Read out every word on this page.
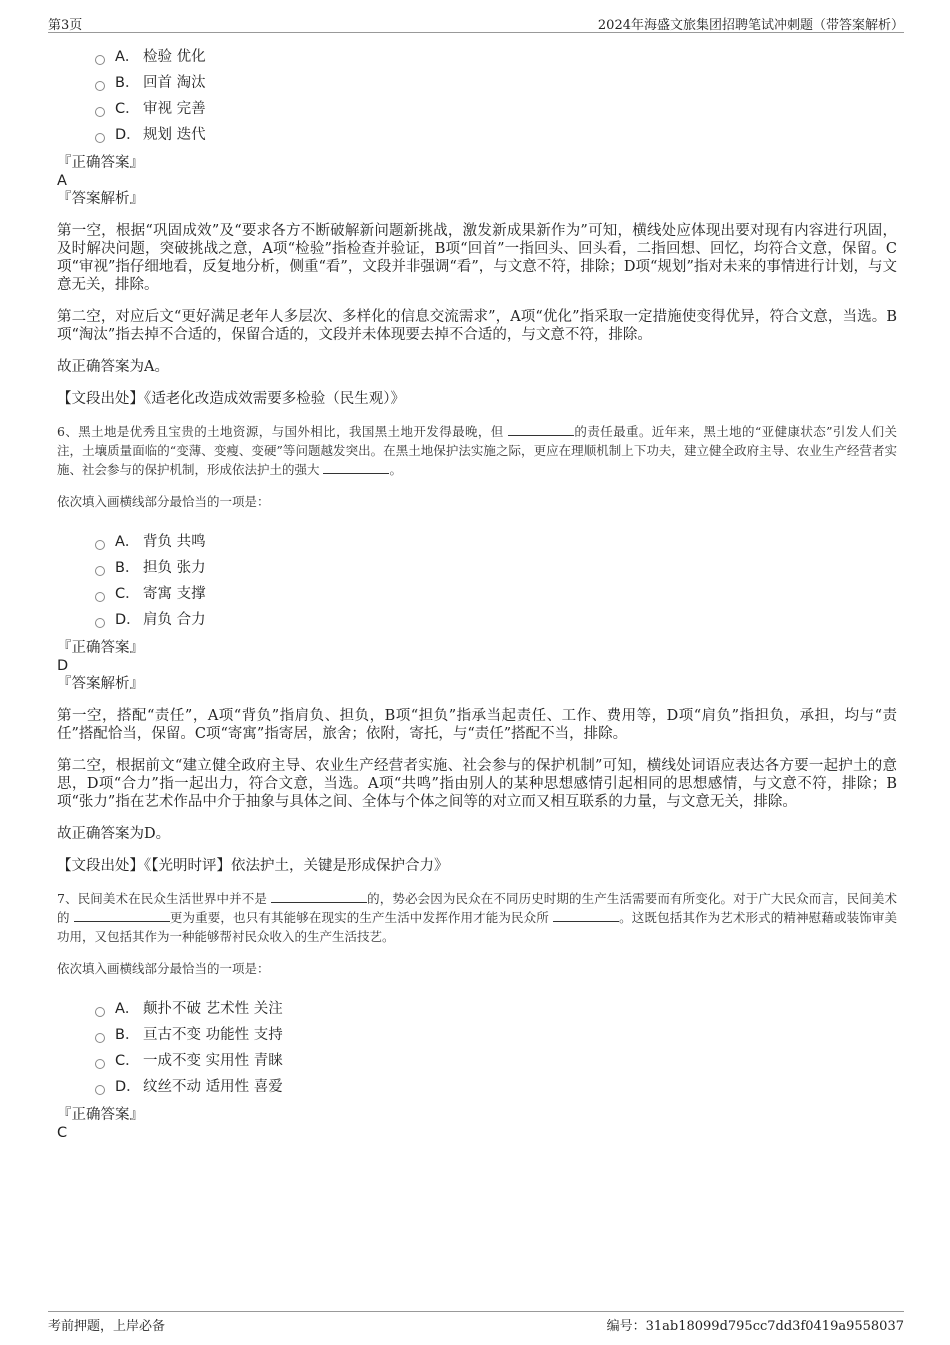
第3页	2024年海盛文旅集团招聘笔试冲刺题（带答案解析）
A． 检验 优化
B． 回首 淘汰
C． 审视 完善
D． 规划 迭代
『正确答案』
A
『答案解析』
第一空，根据“巩固成效”及“要求各方不断破解新问题新挑战，激发新成果新作为”可知，横线处应体现出要对现有内容进行巩固，及时解决问题，突破挑战之意，A项“检验”指检查并验证，B项“回首”一指回头、回头看，二指回想、回忆，均符合文意，保留。C项“审视”指仔细地看，反复地分析，侧重“看”，文段并非强调“看”，与文意不符，排除；D项“规划”指对未来的事情进行计划，与文意无关，排除。
第二空，对应后文“更好满足老年人多层次、多样化的信息交流需求”，A项“优化”指采取一定措施使变得优异，符合文意，当选。B项“淘汰”指去掉不合适的，保留合适的，文段并未体现要去掉不合适的，与文意不符，排除。
故正确答案为A。
【文段出处】《适老化改造成效需要多检验（民生观）》
6、黑土地是优秀且宝贵的土地资源，与国外相比，我国黑土地开发得最晚，但	的责任最重。近年来，黑土地的“亚健康状态”引发人们关注，土壤质量面临的“变薄、变瘦、变硬”等问题越发突出。在黑土地保护法实施之际，更应在理顺机制上下功夫，建立健全政府主导、农业生产经营者实施、社会参与的保护机制，形成依法护土的强大	。
依次填入画横线部分最恰当的一项是：
A． 背负 共鸣
B． 担负 张力
C． 寄寓 支撑
D． 肩负 合力
『正确答案』
D
『答案解析』
第一空，搭配“责任”，A项“背负”指肩负、担负，B项“担负”指承当起责任、工作、费用等，D项“肩负”指担负，承担，均与“责任”搭配恰当，保留。C项“寄寓”指寄居，旅舍；依附，寄托，与“责任”搭配不当，排除。
第二空，根据前文“建立健全政府主导、农业生产经营者实施、社会参与的保护机制”可知，横线处词语应表达各方要一起护土的意思，D项“合力”指一起出力，符合文意，当选。A项“共鸣”指由别人的某种思想感情引起相同的思想感情，与文意不符，排除；B项“张力”指在艺术作品中介于抽象与具体之间、全体与个体之间等的对立而又相互联系的力量，与文意无关，排除。
故正确答案为D。
【文段出处】《【光明时评】依法护土，关键是形成保护合力》
7、民间美术在民众生活世界中并不是	的，势必会因为民众在不同历史时期的生产生活需要而有所变化。对于广大民众而言，民间美术的	更为重要，也只有其能够在现实的生产生活中发挥作用才能为民众所	。这既包括其作为艺术形式的精神慰藉或装饰审美功用，又包括其作为一种能够帮衬民众收入的生产生活技艺。
依次填入画横线部分最恰当的一项是：
A． 颠扑不破 艺术性 关注
B． 亘古不变 功能性 支持
C． 一成不变 实用性 青睐
D． 纹丝不动 适用性 喜爱
『正确答案』
C
考前押题，上岸必备	编号：31ab18099d795cc7dd3f0419a9558037
